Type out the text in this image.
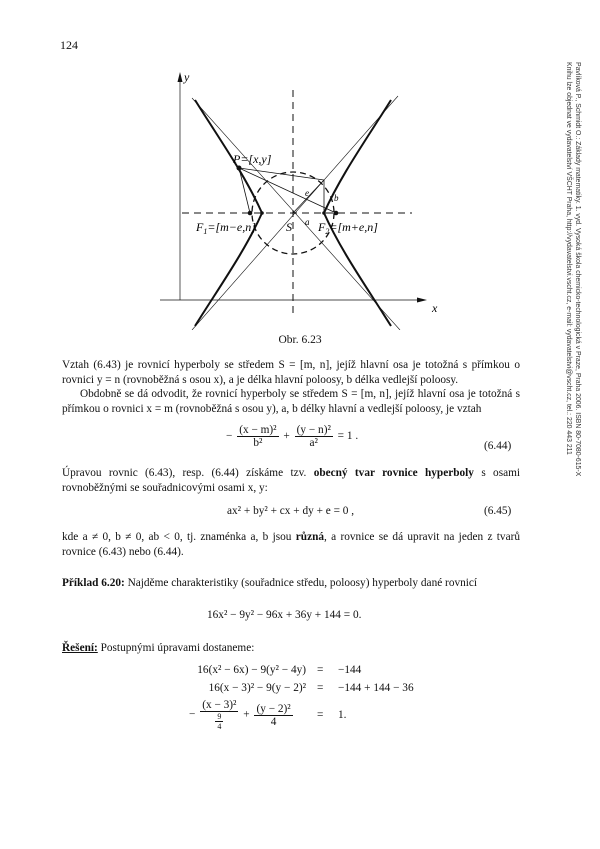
124
Pavlíková P., Schmidt O.: Základy matematiky. 1. vyd. Vysoká škola chemicko-technologická v Praze, Praha 2006. ISBN 80-7080-615-X
Knihu lze objednat ve vydavatelství VŠCHT Praha, http://vydavatelstvi.vscht.cz, e-mail: vydavatelstvi@vscht.cz, tel.: 220 443 211
y
x
P=[x,y]
b
e
a
S
$F_1=[m-e,n]$	$F_2=[m+e,n]$
Obr. 6.23
Vztah (6.43) je rovnicí hyperboly se středem S = [m, n], jejíž hlavní osa je totožná s přímkou o rovnici y = n (rovnoběžná s osou x), a je délka hlavní poloosy, b délka vedlejší poloosy.
Obdobně se dá odvodit, že rovnicí hyperboly se středem S = [m, n], jejíž hlavní osa je totožná s přímkou o rovnici x = m (rovnoběžná s osou y), a, b délky hlavní a vedlejší poloosy, je vztah
− $\frac{\text{(x − m)²}}{\text{b²}} + \frac{\text{(y − n)²}}{\text{a²}} = 1$ .
(6.44)
Úpravou rovnic (6.43), resp. (6.44) získáme tzv. obecný tvar rovnice hyperboly s osami rovnoběžnými se souřadnicovými osami x, y:
ax² + by² + cx + dy + e = 0 ,	(6.45)
kde a ≠ 0, b ≠ 0, ab < 0, tj. znaménka a, b jsou různá, a rovnice se dá upravit na jeden z tvarů rovnice (6.43) nebo (6.44).
Příklad 6.20: Najděme charakteristiky (souřadnice středu, poloosy) hyperboly dané rovnicí
16x² − 9y² − 96x + 36y + 144 = 0.
Řešení: Postupnými úpravami dostaneme:
16(x² − 6x) − 9(y² − 4y) = −144
16(x − 3)² − 9(y − 2)² = −144 + 144 − 36
− $\frac{\text{(x − 3)²}}{\frac{9}{4}} + \frac{\text{(y − 2)²}}{4} = 1$.
